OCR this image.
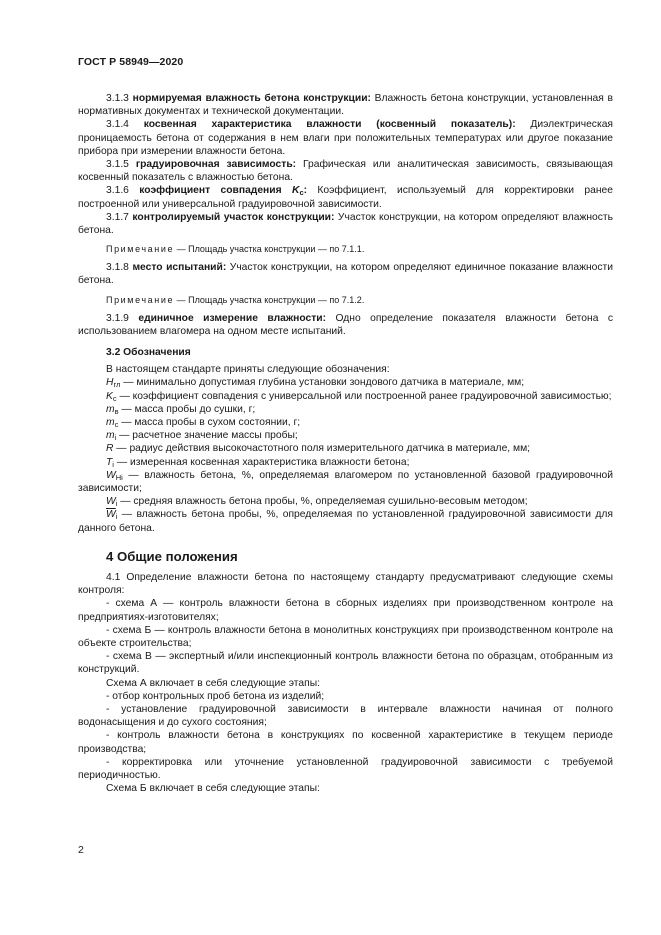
ГОСТ Р 58949—2020

3.1.3 нормируемая влажность бетона конструкции: Влажность бетона конструкции, установленная в нормативных документах и технической документации.

3.1.4 косвенная характеристика влажности (косвенный показатель): Диэлектрическая проницаемость бетона от содержания в нем влаги при положительных температурах или другое показание прибора при измерении влажности бетона.

3.1.5 градуировочная зависимость: Графическая или аналитическая зависимость, связывающая косвенный показатель с влажностью бетона.

3.1.6 коэффициент совпадения $K_c$: Коэффициент, используемый для корректировки ранее построенной или универсальной градуировочной зависимости.

3.1.7 контролируемый участок конструкции: Участок конструкции, на котором определяют влажность бетона.

Примечание — Площадь участка конструкции — по 7.1.1.

3.1.8 место испытаний: Участок конструкции, на котором определяют единичное показание влажности бетона.

Примечание — Площадь участка конструкции — по 7.1.2.

3.1.9 единичное измерение влажности: Одно определение показателя влажности бетона с использованием влагомера на одном месте испытаний.

3.2 Обозначения

В настоящем стандарте приняты следующие обозначения:

$H_{гл}$ — минимально допустимая глубина установки зондового датчика в материале, мм;

$K_c$ — коэффициент совпадения с универсальной или построенной ранее градуировочной зависимостью;

$m_в$ — масса пробы до сушки, г;

$m_c$ — масса пробы в сухом состоянии, г;

$m_i$ — расчетное значение массы пробы;

R — радиус действия высокочастотного поля измерительного датчика в материале, мм;

$T_i$ — измеренная косвенная характеристика влажности бетона;

$W_{Hi}$ — влажность бетона, %, определяемая влагомером по установленной базовой градуировочной зависимости;

$W_i$ — средняя влажность бетона пробы, %, определяемая сушильно-весовым методом;

$\overline{W}_i$ — влажность бетона пробы, %, определяемая по установленной градуировочной зависимости для данного бетона.

4 Общие положения

4.1 Определение влажности бетона по настоящему стандарту предусматривают следующие схемы контроля:

- схема А — контроль влажности бетона в сборных изделиях при производственном контроле на предприятиях-изготовителях;

- схема Б — контроль влажности бетона в монолитных конструкциях при производственном контроле на объекте строительства;

- схема В — экспертный и/или инспекционный контроль влажности бетона по образцам, отобранным из конструкций.

Схема А включает в себя следующие этапы:

- отбор контрольных проб бетона из изделий;

- установление градуировочной зависимости в интервале влажности начиная от полного водонасыщения и до сухого состояния;

- контроль влажности бетона в конструкциях по косвенной характеристике в текущем периоде производства;

- корректировка или уточнение установленной градуировочной зависимости с требуемой периодичностью.

Схема Б включает в себя следующие этапы:

2
